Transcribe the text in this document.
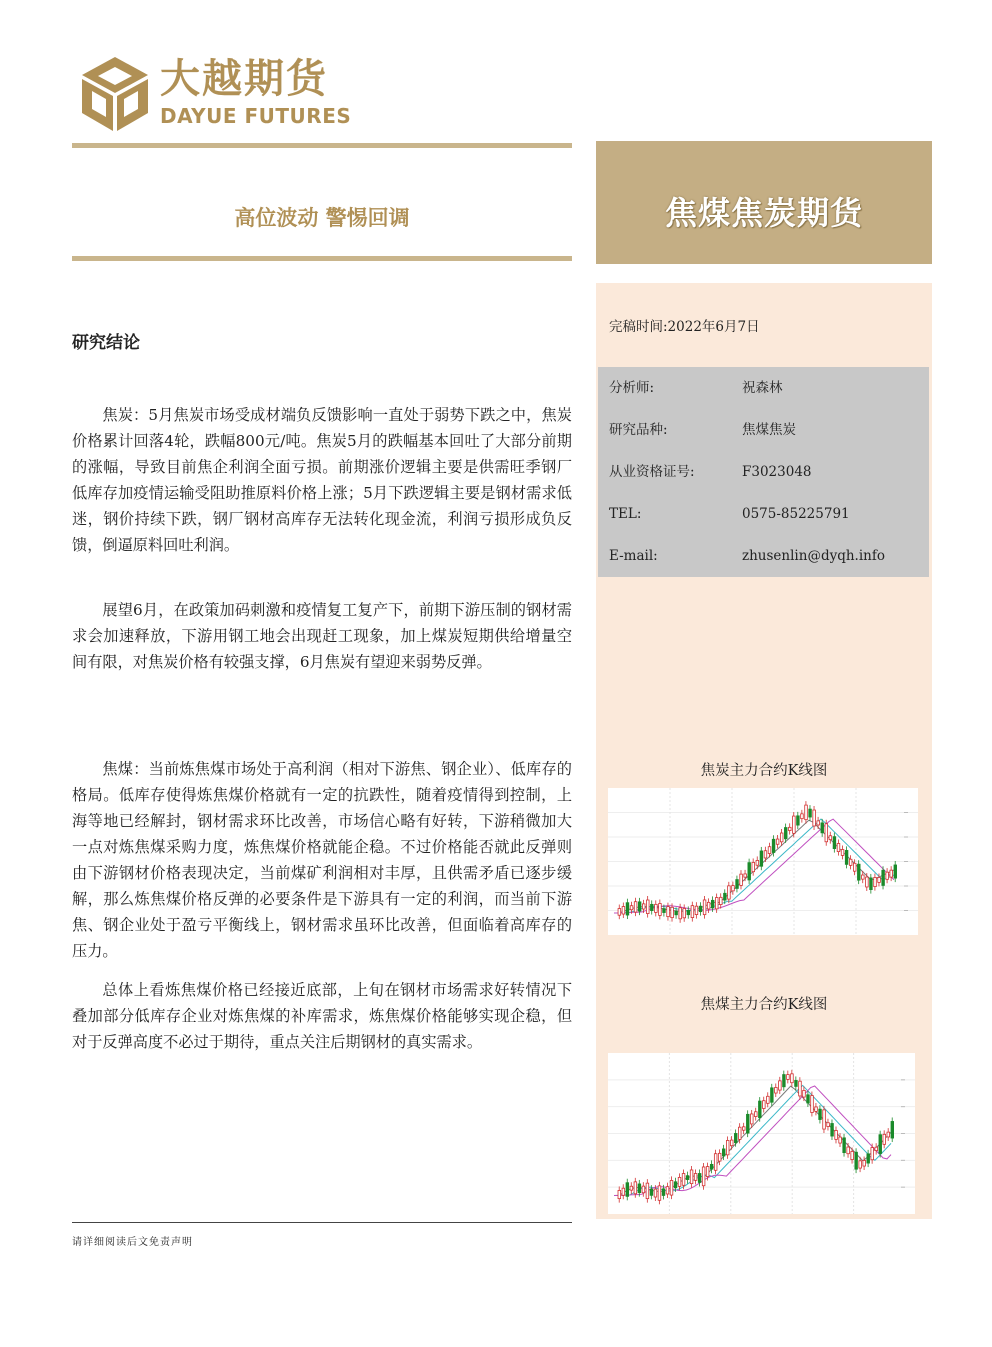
大越期货
DAYUE FUTURES
高位波动 警惕回调	焦煤焦炭期货
研究结论
焦炭：5月焦炭市场受成材端负反馈影响一直处于弱势下跌之中，焦炭价格累计回落4轮，跌幅800元/吨。焦炭5月的跌幅基本回吐了大部分前期的涨幅，导致目前焦企利润全面亏损。前期涨价逻辑主要是供需旺季钢厂低库存加疫情运输受阻助推原料价格上涨；5月下跌逻辑主要是钢材需求低迷，钢价持续下跌，钢厂钢材高库存无法转化现金流，利润亏损形成负反馈，倒逼原料回吐利润。
展望6月，在政策加码刺激和疫情复工复产下，前期下游压制的钢材需求会加速释放，下游用钢工地会出现赶工现象，加上煤炭短期供给增量空间有限，对焦炭价格有较强支撑，6月焦炭有望迎来弱势反弹。
焦煤：当前炼焦煤市场处于高利润（相对下游焦、钢企业）、低库存的格局。低库存使得炼焦煤价格就有一定的抗跌性，随着疫情得到控制，上海等地已经解封，钢材需求环比改善，市场信心略有好转，下游稍微加大一点对炼焦煤采购力度，炼焦煤价格就能企稳。不过价格能否就此反弹则由下游钢材价格表现决定，当前煤矿利润相对丰厚，且供需矛盾已逐步缓解，那么炼焦煤价格反弹的必要条件是下游具有一定的利润，而当前下游焦、钢企业处于盈亏平衡线上，钢材需求虽环比改善，但面临着高库存的压力。
总体上看炼焦煤价格已经接近底部，上旬在钢材市场需求好转情况下叠加部分低库存企业对炼焦煤的补库需求，炼焦煤价格能够实现企稳，但对于反弹高度不必过于期待，重点关注后期钢材的真实需求。
完稿时间:2022年6月7日
分析师:	祝森林
研究品种:	焦煤焦炭
从业资格证号:	F3023048
TEL:	0575-85225791
E-mail:	zhusenlin@dyqh.info
焦炭主力合约K线图
焦煤主力合约K线图
请详细阅读后文免责声明
